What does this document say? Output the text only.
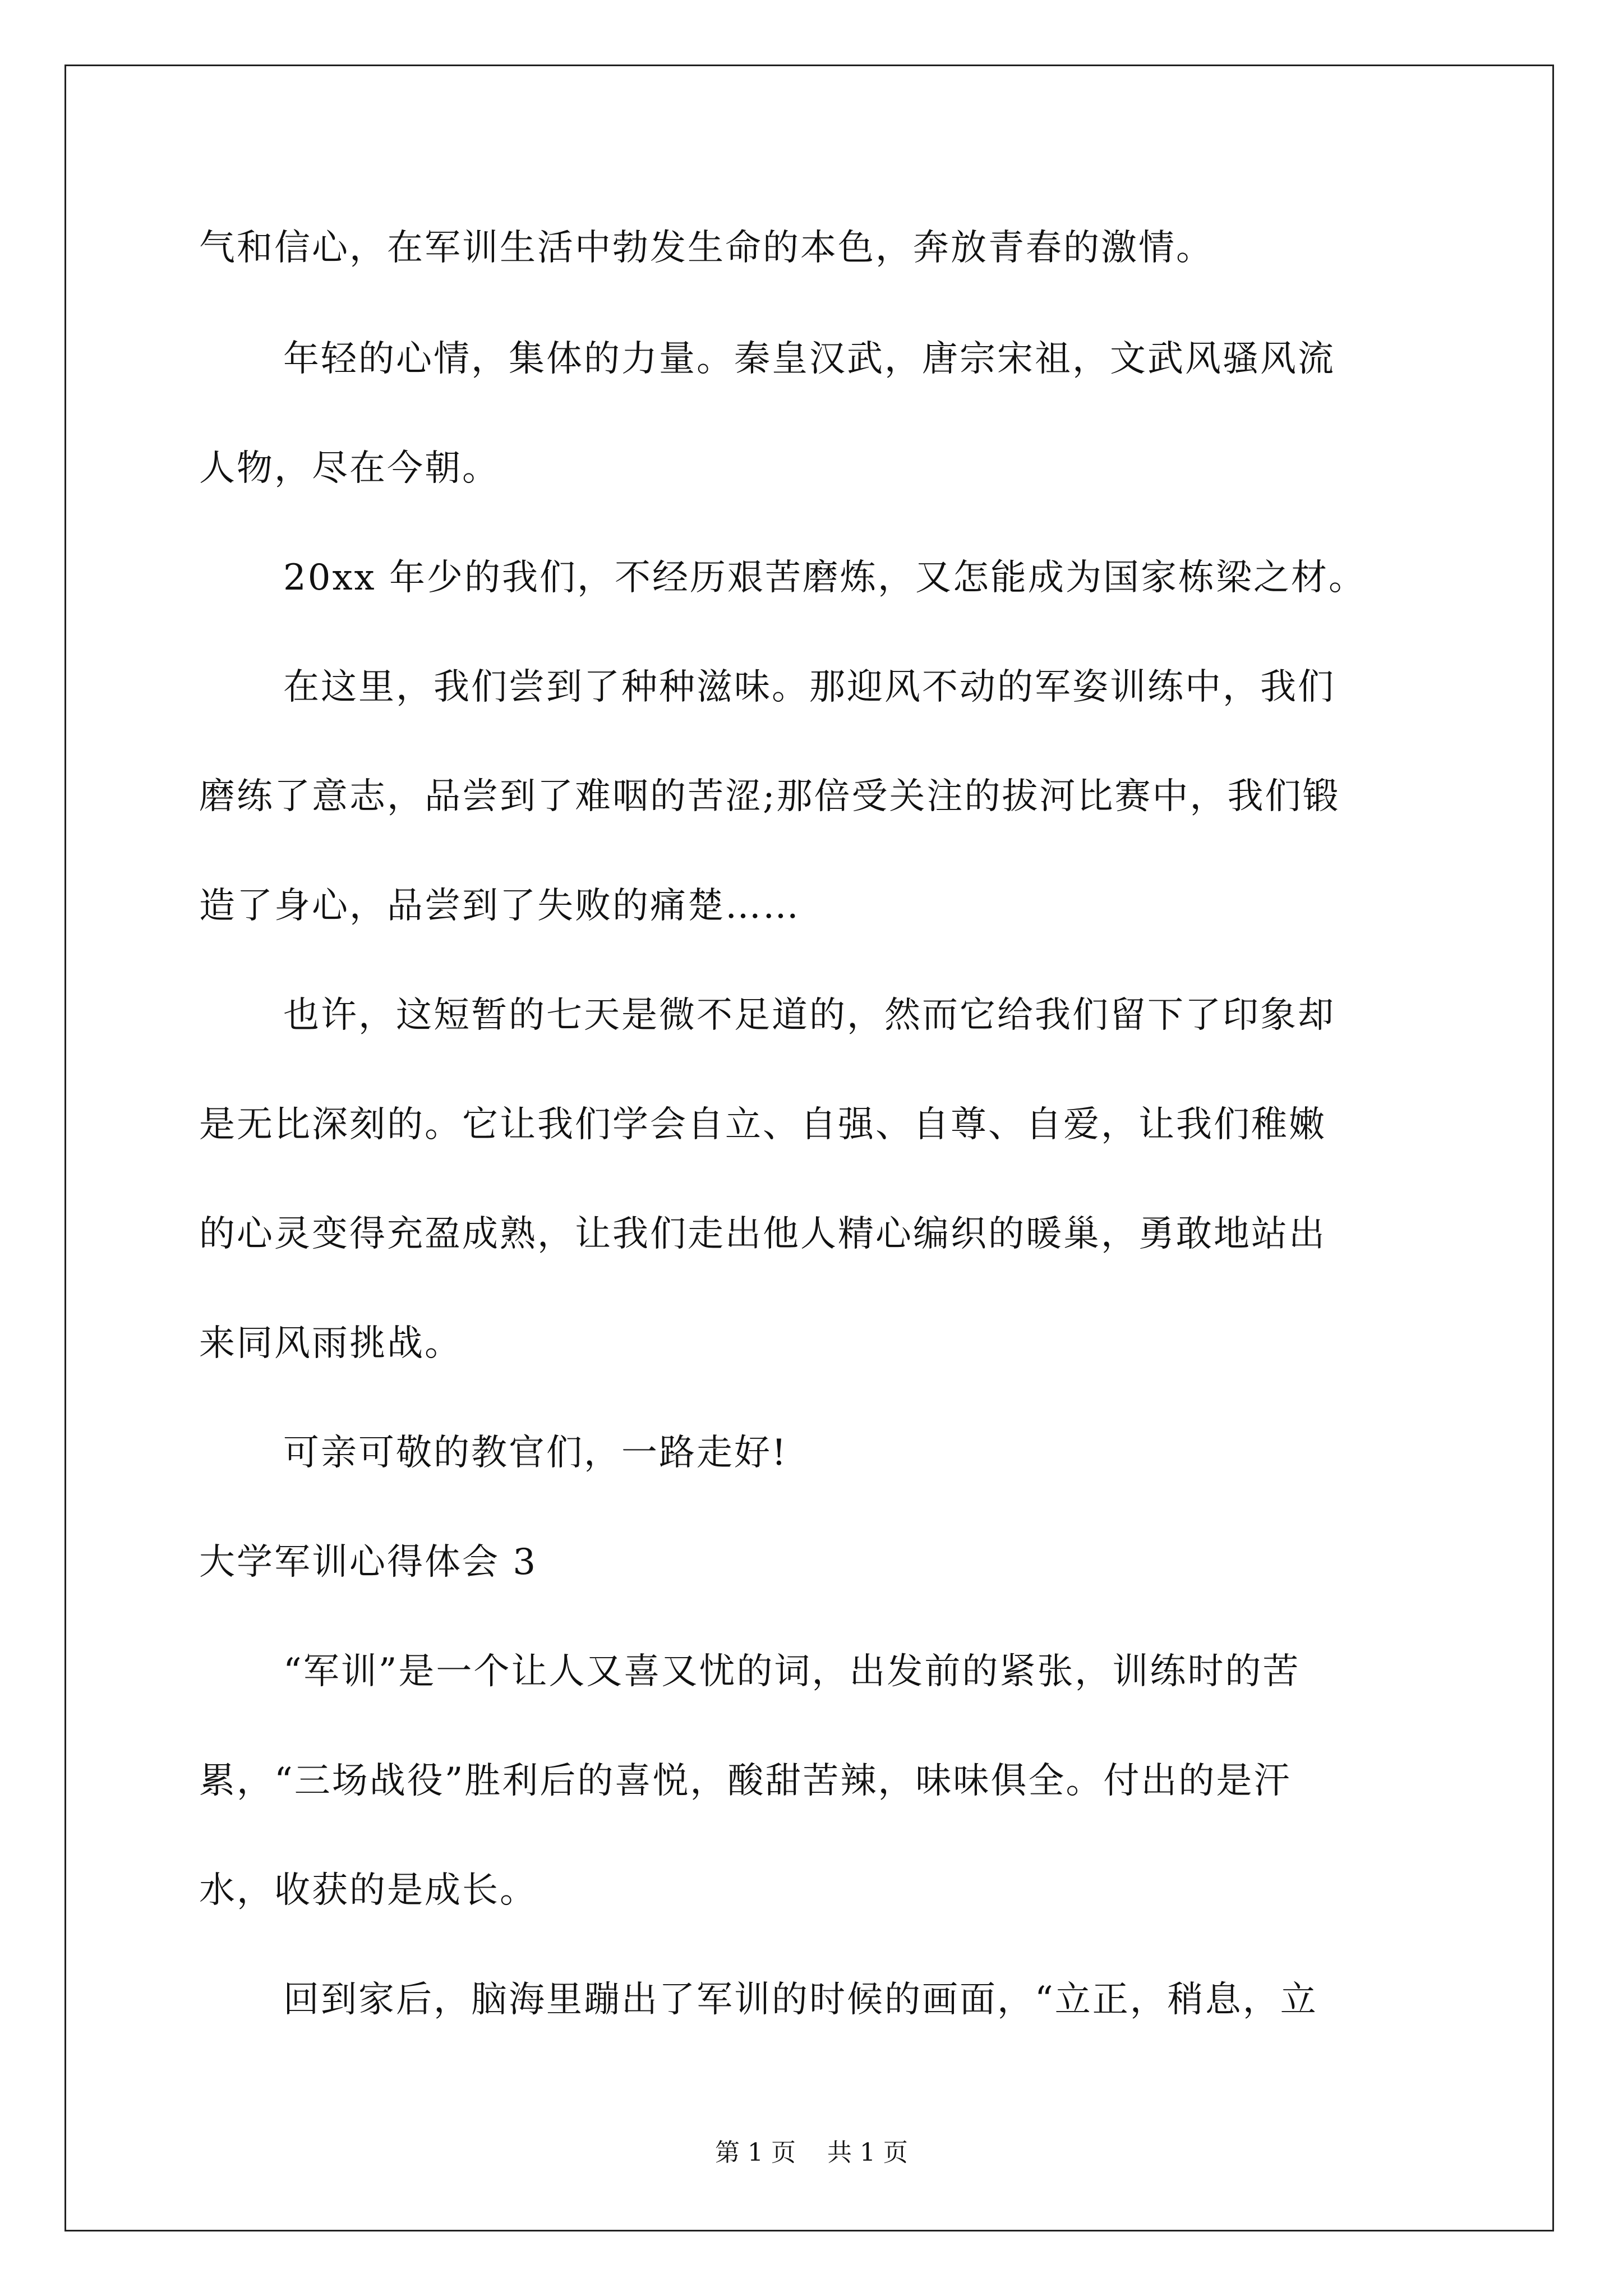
气和信心，在军训生活中勃发生命的本色，奔放青春的激情。
年轻的心情，集体的力量。秦皇汉武，唐宗宋祖，文武风骚风流
人物，尽在今朝。
20xx 年少的我们，不经历艰苦磨炼，又怎能成为国家栋梁之材。
在这里，我们尝到了种种滋味。那迎风不动的军姿训练中，我们
磨练了意志，品尝到了难咽的苦涩;那倍受关注的拔河比赛中，我们锻
造了身心，品尝到了失败的痛楚……
也许，这短暂的七天是微不足道的，然而它给我们留下了印象却
是无比深刻的。它让我们学会自立、自强、自尊、自爱，让我们稚嫩
的心灵变得充盈成熟，让我们走出他人精心编织的暖巢，勇敢地站出
来同风雨挑战。
可亲可敬的教官们，一路走好!
大学军训心得体会 3
“军训”是一个让人又喜又忧的词，出发前的紧张，训练时的苦
累，“三场战役”胜利后的喜悦，酸甜苦辣，味味俱全。付出的是汗
水，收获的是成长。
回到家后，脑海里蹦出了军训的时候的画面，“立正，稍息，立
第 1 页    共 1 页
